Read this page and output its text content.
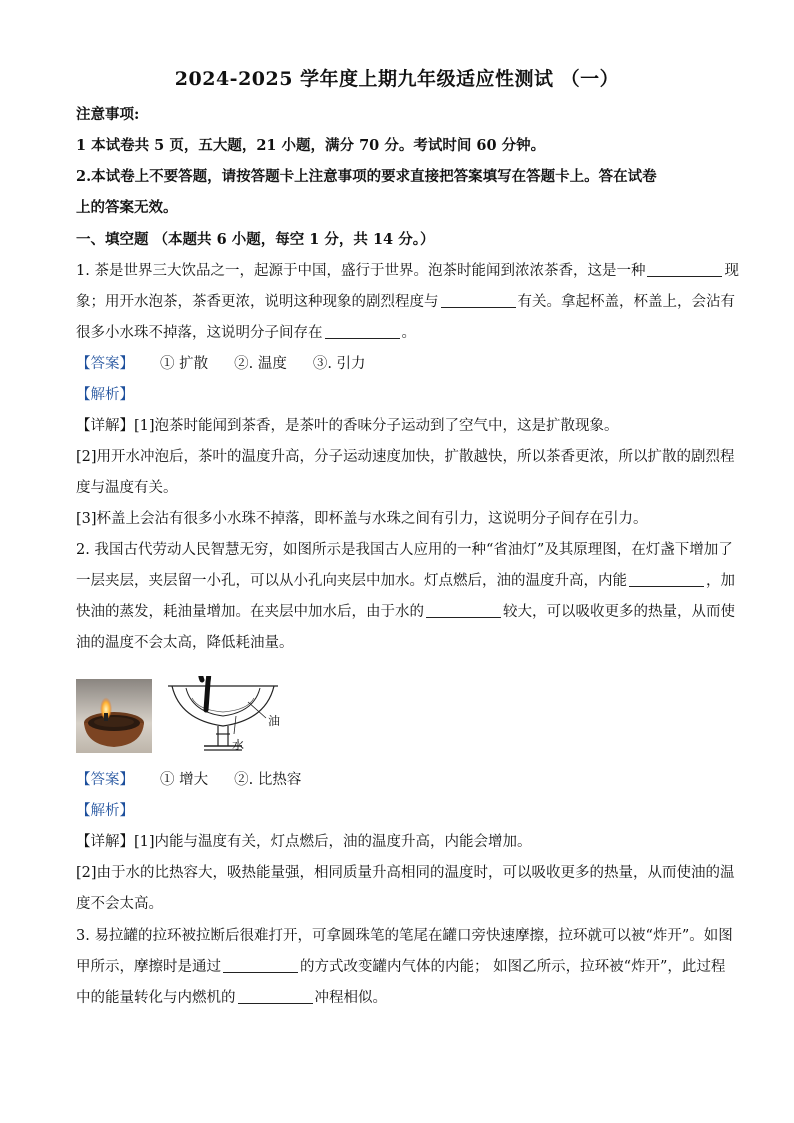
2024-2025 学年度上期九年级适应性测试 （一）
注意事项:
1 本试卷共 5 页，五大题，21 小题，满分 70 分。考试时间 60 分钟。
2.本试卷上不要答题，请按答题卡上注意事项的要求直接把答案填写在答题卡上。答在试卷
上的答案无效。
一、填空题 （本题共 6 小题，每空 1 分，共 14 分。）
1. 茶是世界三大饮品之一，起源于中国，盛行于世界。泡茶时能闻到浓浓茶香，这是一种	现
象；用开水泡茶，茶香更浓，说明这种现象的剧烈程度与	有关。拿起杯盖，杯盖上，会沾有
很多小水珠不掉落，这说明分子间存在	。
【答案】 ① 扩散 ②. 温度 ③. 引力
【解析】
【详解】[1]泡茶时能闻到茶香，是茶叶的香味分子运动到了空气中，这是扩散现象。
[2]用开水冲泡后，茶叶的温度升高，分子运动速度加快，扩散越快，所以茶香更浓，所以扩散的剧烈程
度与温度有关。
[3]杯盖上会沾有很多小水珠不掉落，即杯盖与水珠之间有引力，这说明分子间存在引力。
2. 我国古代劳动人民智慧无穷，如图所示是我国古人应用的一种“省油灯”及其原理图，在灯盏下增加了
一层夹层，夹层留一小孔，可以从小孔向夹层中加水。灯点燃后，油的温度升高，内能	，加
快油的蒸发，耗油量增加。在夹层中加水后，由于水的	较大，可以吸收更多的热量，从而使
油的温度不会太高，降低耗油量。
油
水
【答案】 ① 增大 ②. 比热容
【解析】
【详解】[1]内能与温度有关，灯点燃后，油的温度升高，内能会增加。
[2]由于水的比热容大，吸热能量强，相同质量升高相同的温度时，可以吸收更多的热量，从而使油的温
度不会太高。
3. 易拉罐的拉环被拉断后很难打开，可拿圆珠笔的笔尾在罐口旁快速摩擦，拉环就可以被“炸开”。如图
甲所示，摩擦时是通过	的方式改变罐内气体的内能； 如图乙所示，拉环被“炸开”，此过程
中的能量转化与内燃机的	冲程相似。
